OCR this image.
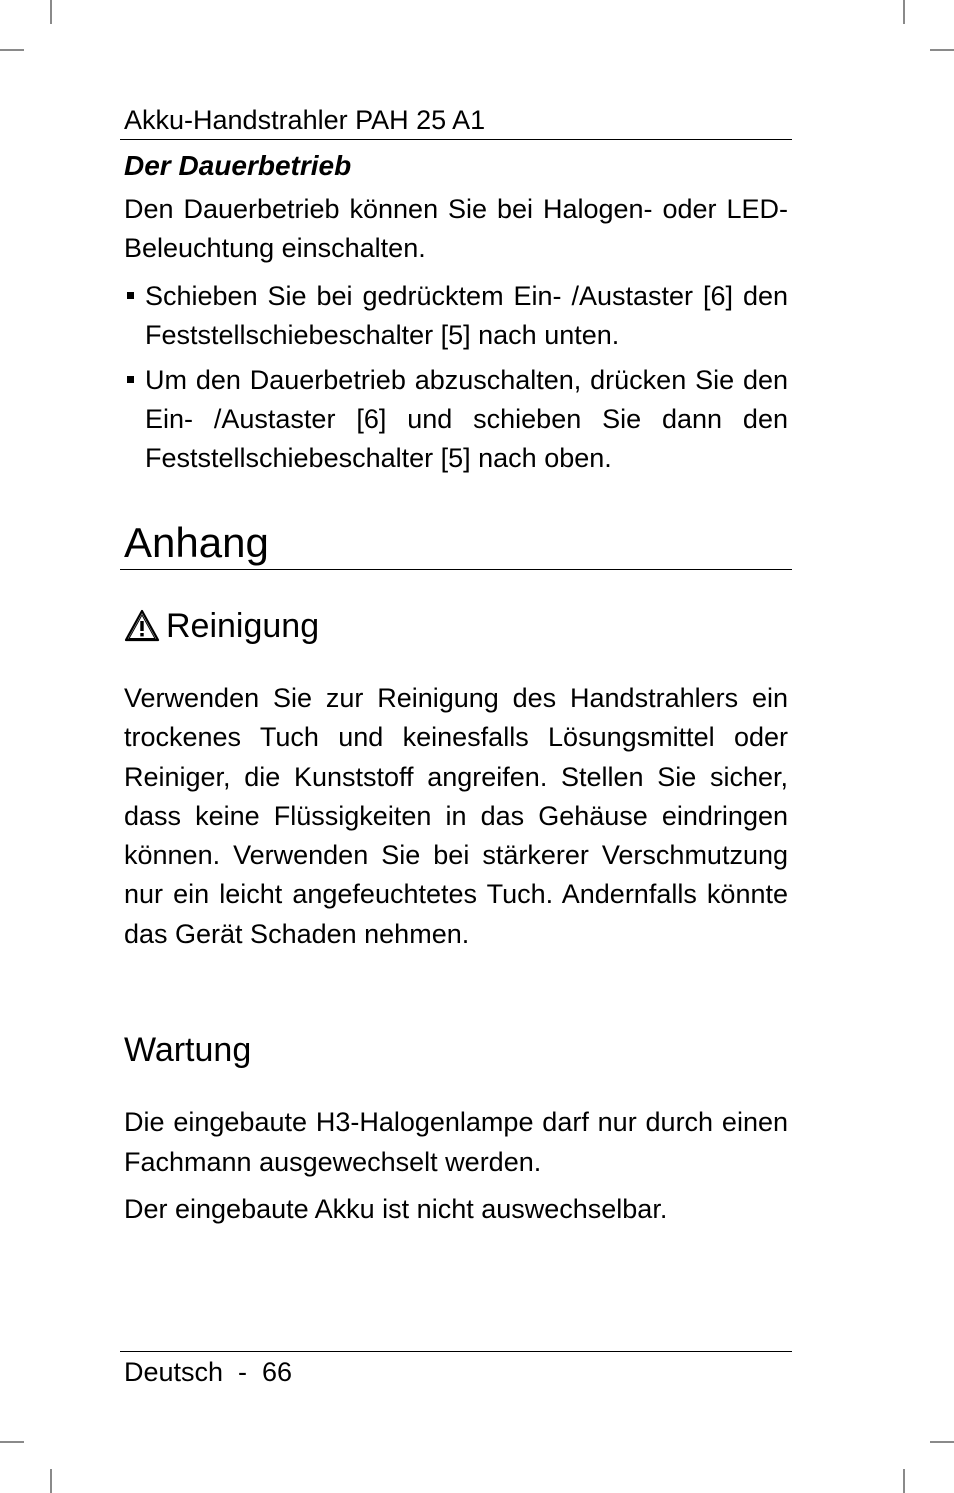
Akku-Handstrahler PAH 25 A1
Der Dauerbetrieb

Den Dauerbetrieb können Sie bei Halogen- oder LED-Beleuchtung einschalten.

Schieben Sie bei gedrücktem Ein- /Austaster [6] den Feststellschiebeschalter [5] nach unten.
Um den Dauerbetrieb abzuschalten, drücken Sie den Ein- /Austaster [6] und schieben Sie dann den Feststellschiebeschalter [5] nach oben.
Anhang
Reinigung

Verwenden Sie zur Reinigung des Handstrahlers ein trockenes Tuch und keinesfalls Lösungsmittel oder Reiniger, die Kunststoff angreifen. Stellen Sie sicher, dass keine Flüssigkeiten in das Gehäuse eindringen können. Verwenden Sie bei stärkerer Verschmutzung nur ein leicht angefeuchtetes Tuch. Andernfalls könnte das Gerät Schaden nehmen.

Wartung

Die eingebaute H3-Halogenlampe darf nur durch einen Fachmann ausgewechselt werden.

Der eingebaute Akku ist nicht auswechselbar.

Deutsch  -  66
